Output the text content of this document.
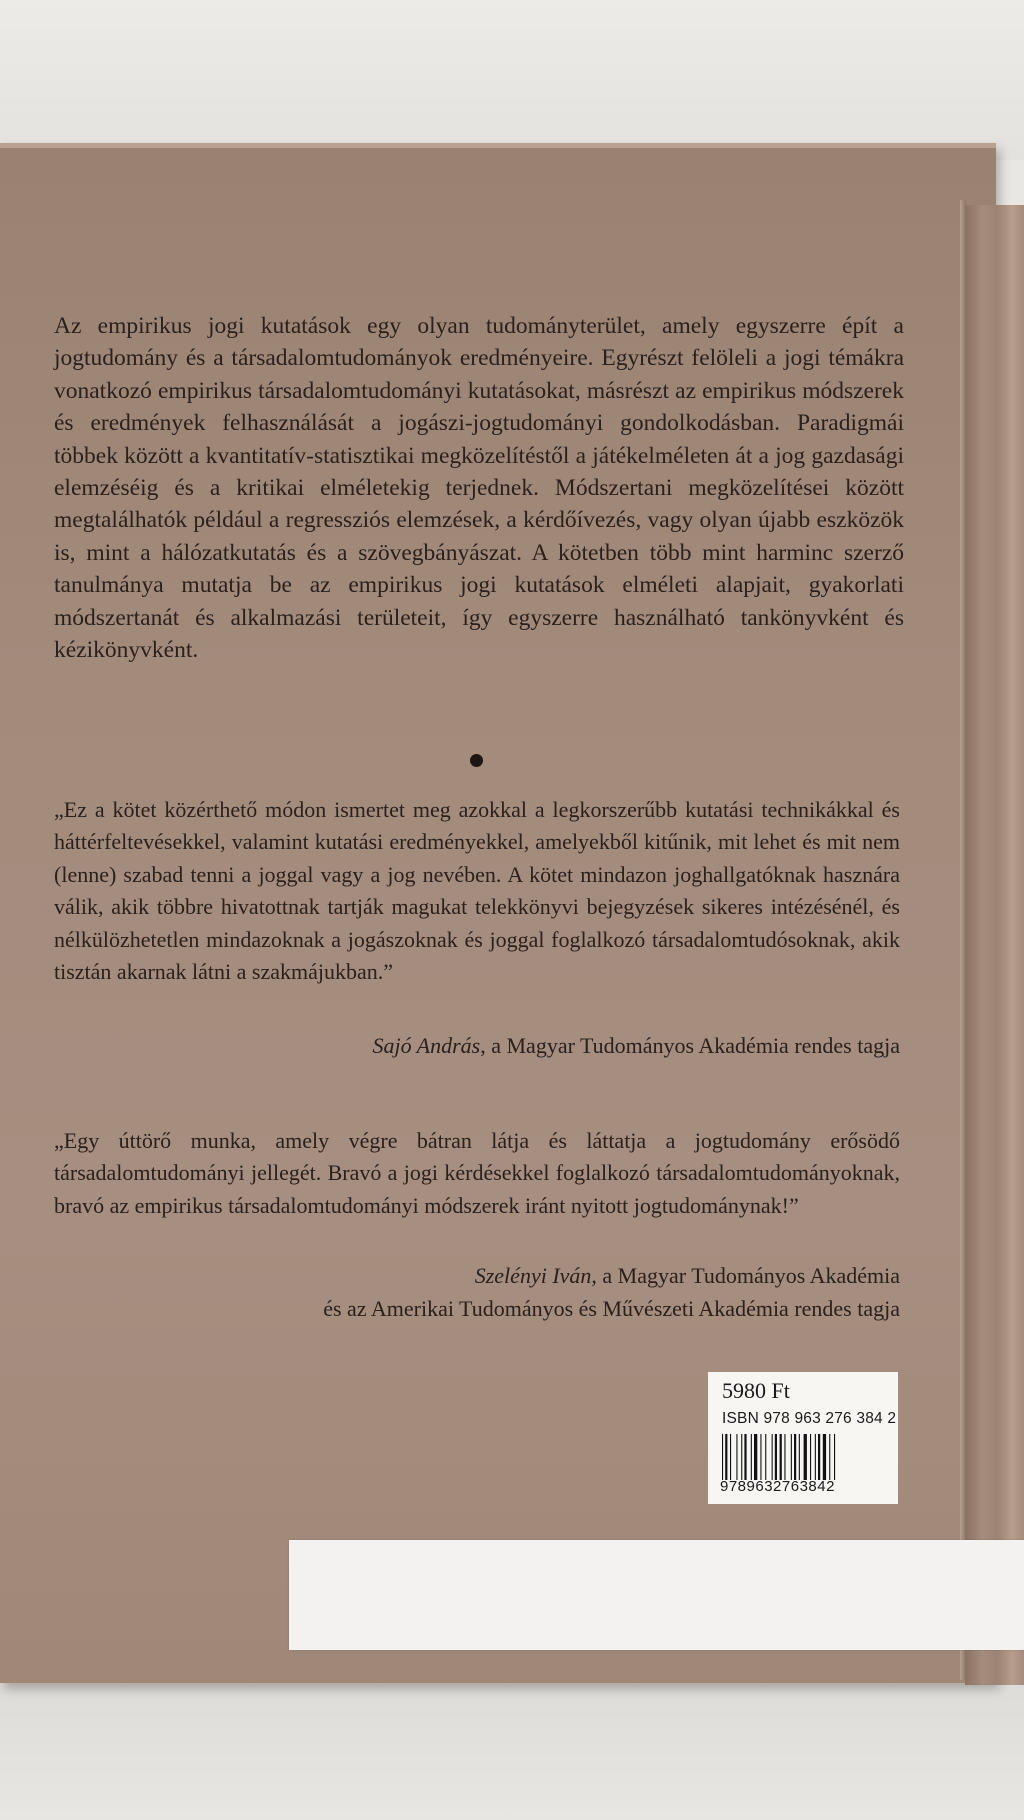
Az empirikus jogi kutatások egy olyan tudományterület, amely egyszerre épít a jogtudomány és a társadalomtudományok eredményeire. Egyrészt felöleli a jogi témákra vonatkozó empirikus társadalomtudományi kutatásokat, másrészt az empirikus módszerek és eredmények felhasználását a jogászi-jogtudományi gondolkodásban. Paradigmái többek között a kvantitatív-statisztikai megközelítéstől a játékelméleten át a jog gazdasági elemzéséig és a kritikai elméletekig terjednek. Módszertani megközelítései között megtalálhatók például a regressziós elemzések, a kérdőívezés, vagy olyan újabb eszközök is, mint a hálózatkutatás és a szövegbányászat. A kötetben több mint harminc szerző tanulmánya mutatja be az empirikus jogi kutatások elméleti alapjait, gyakorlati módszertanát és alkalmazási területeit, így egyszerre használható tankönyvként és kézikönyvként.

„Ez a kötet közérthető módon ismertet meg azokkal a legkorszerűbb kutatási technikákkal és háttérfeltevésekkel, valamint kutatási eredményekkel, amelyekből kitűnik, mit lehet és mit nem (lenne) szabad tenni a joggal vagy a jog nevében. A kötet mindazon joghallgatóknak hasznára válik, akik többre hivatottnak tartják magukat telekkönyvi bejegyzések sikeres intézésénél, és nélkülözhetetlen mindazoknak a jogászoknak és joggal foglalkozó társadalomtudósoknak, akik tisztán akarnak látni a szakmájukban.”

Sajó András, a Magyar Tudományos Akadémia rendes tagja

„Egy úttörő munka, amely végre bátran látja és láttatja a jogtudomány erősödő társadalomtudományi jellegét. Bravó a jogi kérdésekkel foglalkozó társadalomtudományoknak, bravó az empirikus társadalomtudományi módszerek iránt nyitott jogtudománynak!”

Szelényi Iván, a Magyar Tudományos Akadémia
és az Amerikai Tudományos és Művészeti Akadémia rendes tagja
5980 Ft
ISBN 978 963 276 384 2
9789632763842
